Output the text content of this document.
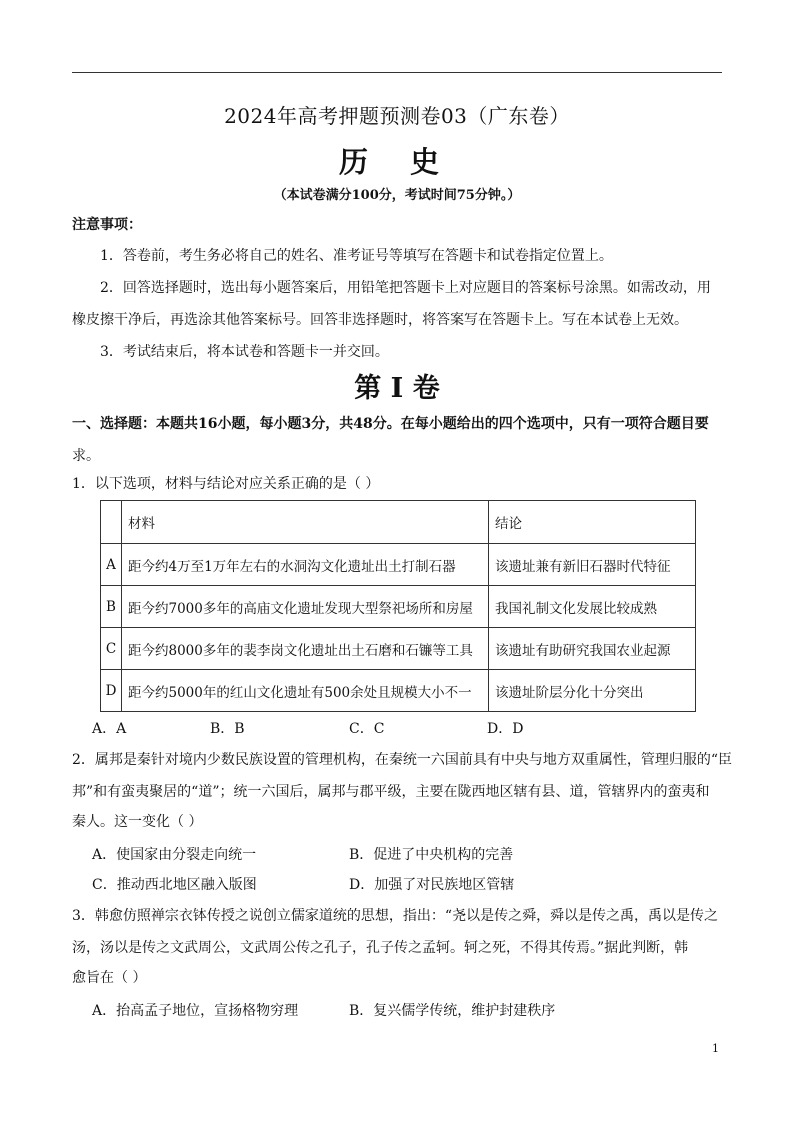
2024年高考押题预测卷03（广东卷）
历 史
（本试卷满分100分，考试时间75分钟。）
注意事项：
1．答卷前，考生务必将自己的姓名、准考证号等填写在答题卡和试卷指定位置上。
2．回答选择题时，选出每小题答案后，用铅笔把答题卡上对应题目的答案标号涂黑。如需改动，用
橡皮擦干净后，再选涂其他答案标号。回答非选择题时，将答案写在答题卡上。写在本试卷上无效。
3．考试结束后，将本试卷和答题卡一并交回。
第 I 卷
一、选择题：本题共16小题，每小题3分，共48分。在每小题给出的四个选项中，只有一项符合题目要
求。
1．以下选项，材料与结论对应关系正确的是（ ）
	材料	结论
A	距今约4万至1万年左右的水洞沟文化遗址出土打制石器	该遗址兼有新旧石器时代特征
B	距今约7000多年的高庙文化遗址发现大型祭祀场所和房屋	我国礼制文化发展比较成熟
C	距今约8000多年的裴李岗文化遗址出土石磨和石镰等工具	该遗址有助研究我国农业起源
D	距今约5000年的红山文化遗址有500余处且规模大小不一	该遗址阶层分化十分突出
A．A	B．B	C．C	D．D
2．属邦是秦针对境内少数民族设置的管理机构，在秦统一六国前具有中央与地方双重属性，管理归服的“臣
邦”和有蛮夷聚居的“道”；统一六国后，属邦与郡平级，主要在陇西地区辖有县、道，管辖界内的蛮夷和
秦人。这一变化（ ）
A．使国家由分裂走向统一	B．促进了中央机构的完善
C．推动西北地区融入版图	D．加强了对民族地区管辖
3．韩愈仿照禅宗衣钵传授之说创立儒家道统的思想，指出：“尧以是传之舜，舜以是传之禹，禹以是传之
汤，汤以是传之文武周公，文武周公传之孔子，孔子传之孟轲。轲之死，不得其传焉。”据此判断，韩
愈旨在（ ）
A．抬高孟子地位，宣扬格物穷理	B．复兴儒学传统，维护封建秩序
1
